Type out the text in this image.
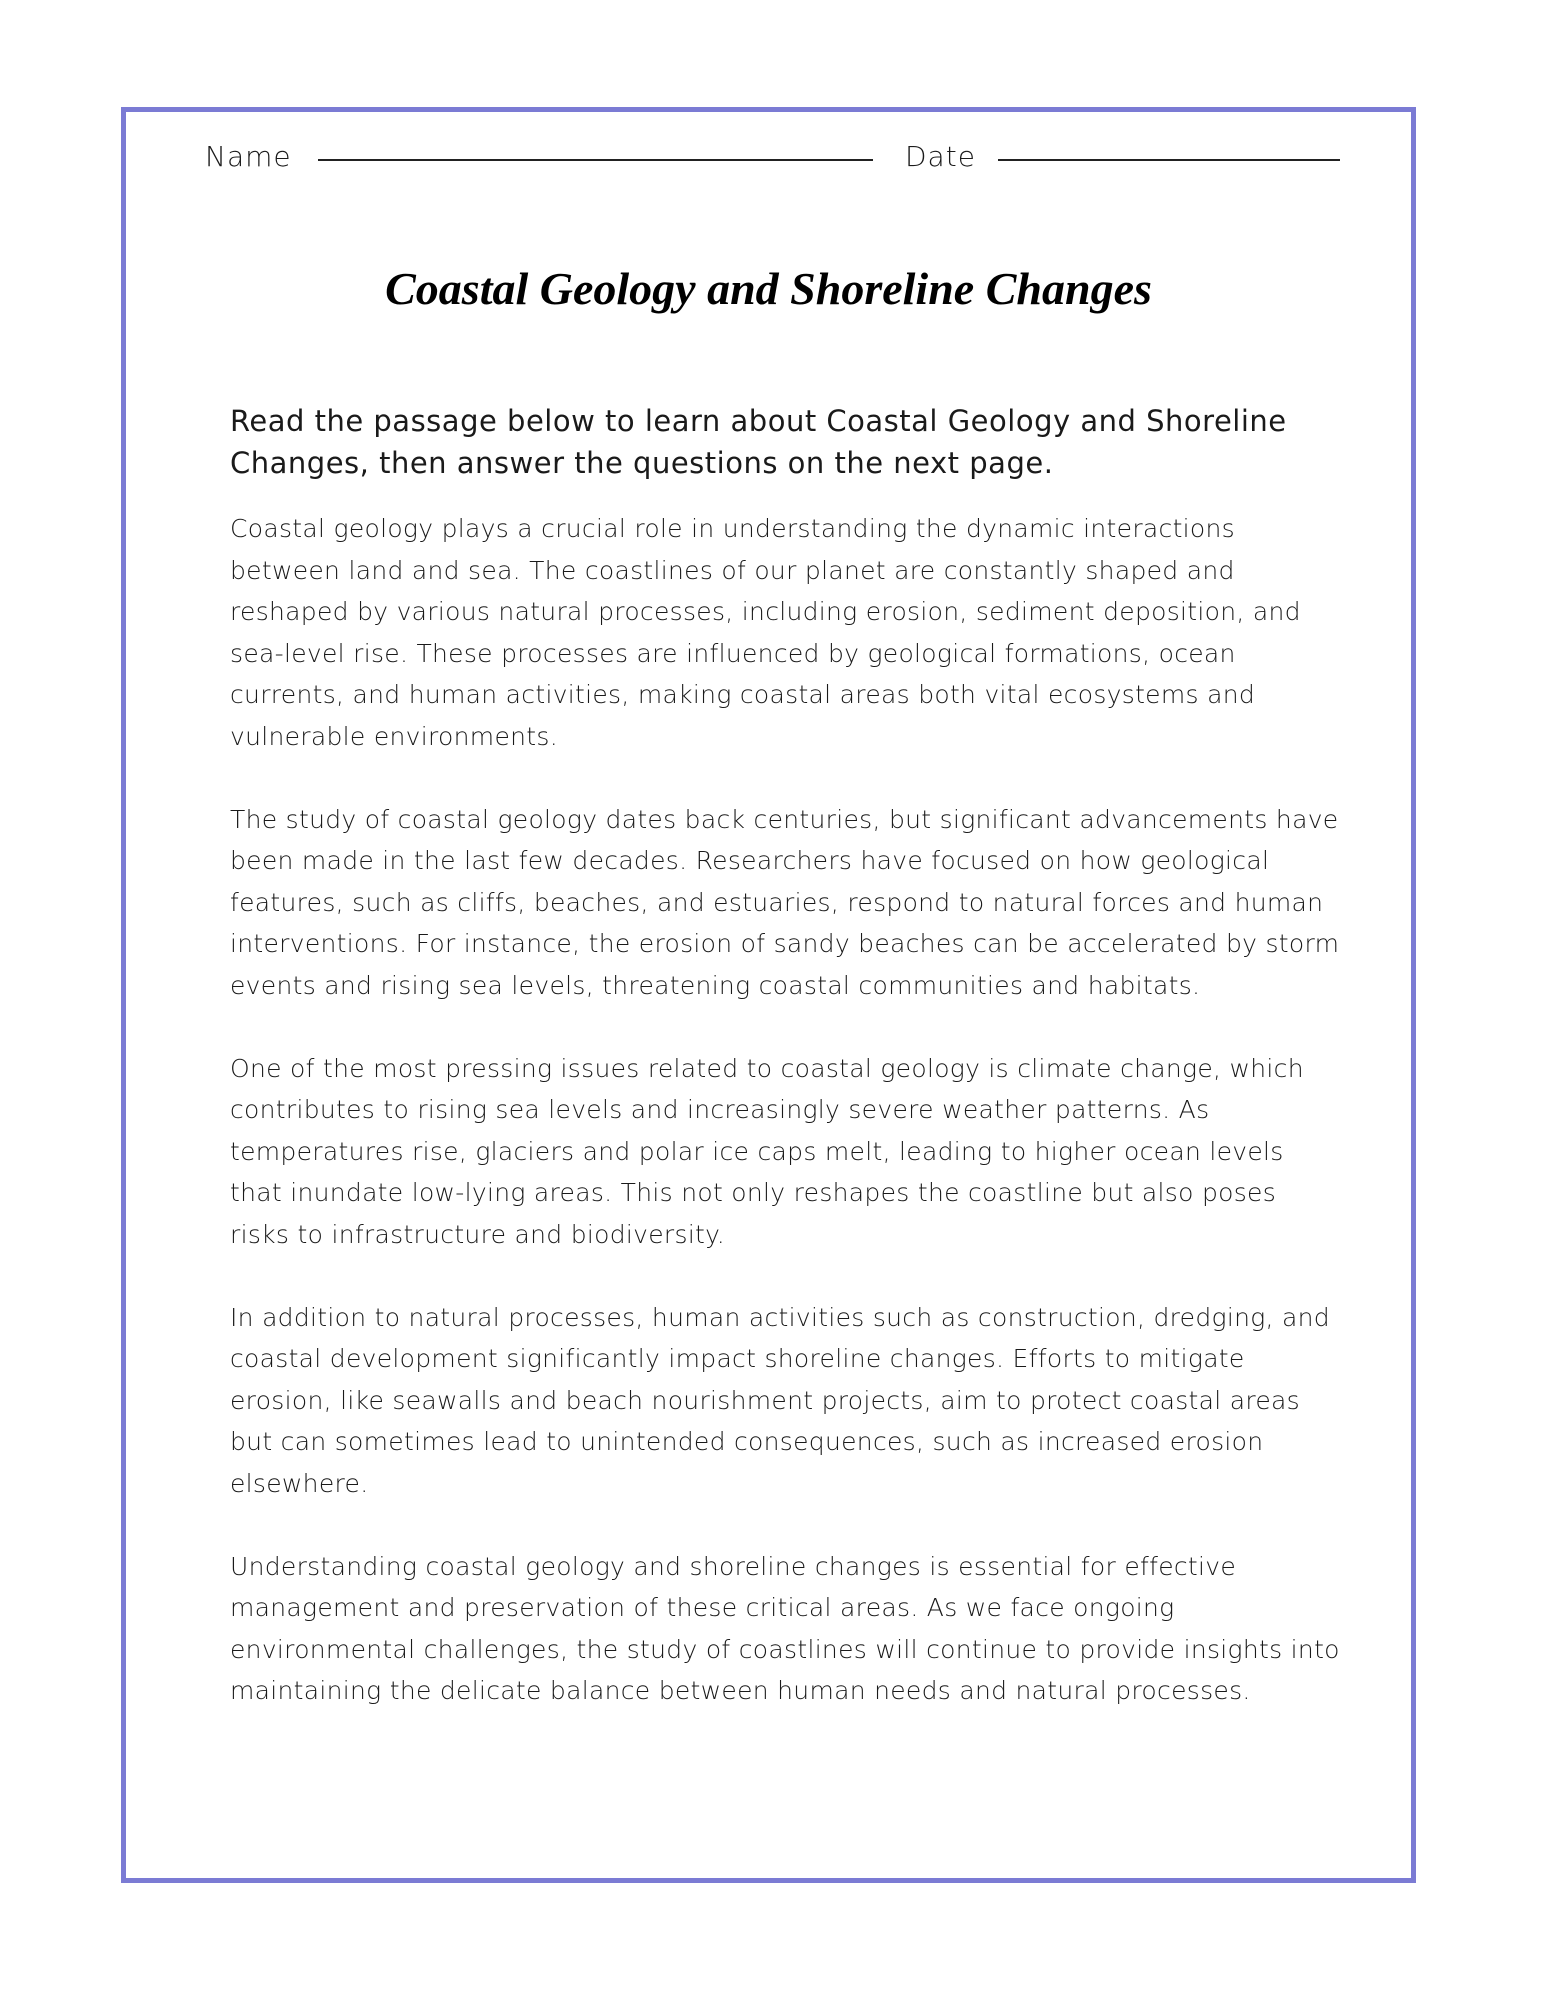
Name	Date
Coastal Geology and Shoreline Changes

Read the passage below to learn about Coastal Geology and Shoreline Changes, then answer the questions on the next page.

Coastal geology plays a crucial role in understanding the dynamic interactions between land and sea. The coastlines of our planet are constantly shaped and reshaped by various natural processes, including erosion, sediment deposition, and sea-level rise. These processes are influenced by geological formations, ocean currents, and human activities, making coastal areas both vital ecosystems and vulnerable environments.

The study of coastal geology dates back centuries, but significant advancements have been made in the last few decades. Researchers have focused on how geological features, such as cliffs, beaches, and estuaries, respond to natural forces and human interventions. For instance, the erosion of sandy beaches can be accelerated by storm events and rising sea levels, threatening coastal communities and habitats.

One of the most pressing issues related to coastal geology is climate change, which contributes to rising sea levels and increasingly severe weather patterns. As temperatures rise, glaciers and polar ice caps melt, leading to higher ocean levels that inundate low-lying areas. This not only reshapes the coastline but also poses risks to infrastructure and biodiversity.

In addition to natural processes, human activities such as construction, dredging, and coastal development significantly impact shoreline changes. Efforts to mitigate erosion, like seawalls and beach nourishment projects, aim to protect coastal areas but can sometimes lead to unintended consequences, such as increased erosion elsewhere.

Understanding coastal geology and shoreline changes is essential for effective management and preservation of these critical areas. As we face ongoing environmental challenges, the study of coastlines will continue to provide insights into maintaining the delicate balance between human needs and natural processes.
